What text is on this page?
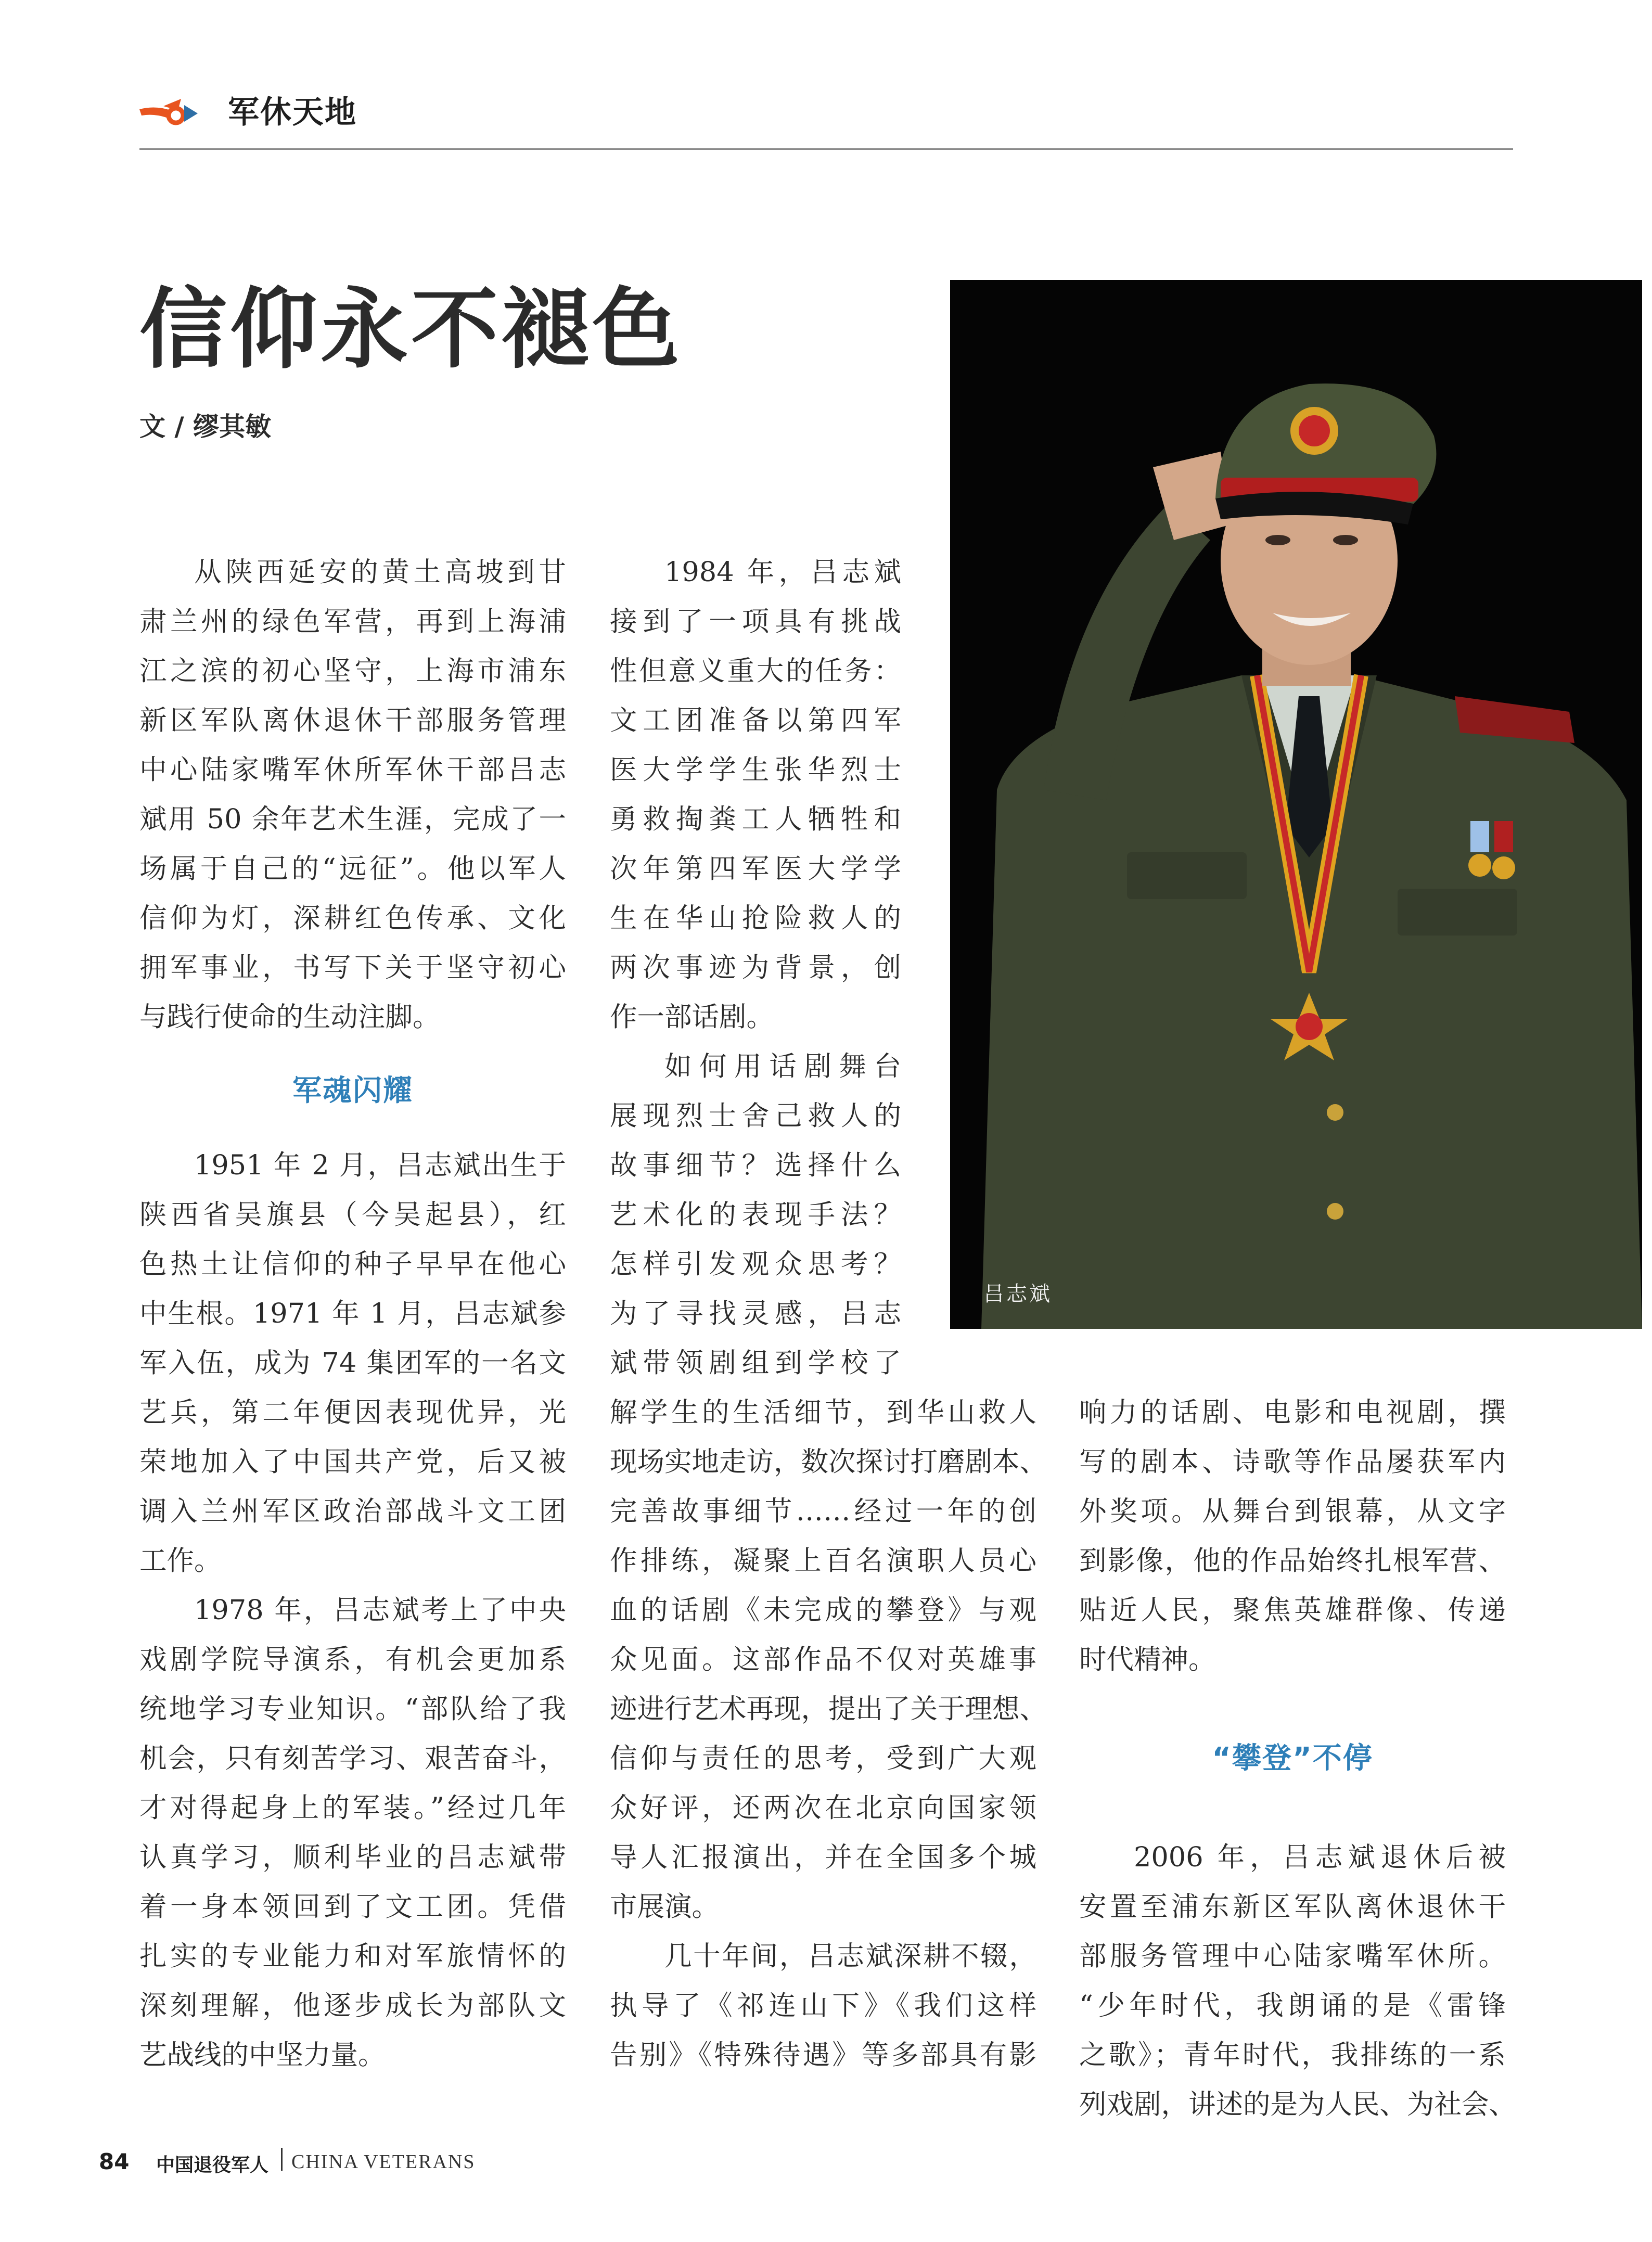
军休天地
信仰永不褪色
文 / 缪其敏
吕志斌
从陕西延安的黄土高坡到甘
肃兰州的绿色军营，再到上海浦
江之滨的初心坚守，上海市浦东
新区军队离休退休干部服务管理
中心陆家嘴军休所军休干部吕志
斌用 50 余年艺术生涯，完成了一
场属于自己的“远征”。他以军人
信仰为灯，深耕红色传承、文化
拥军事业，书写下关于坚守初心
与践行使命的生动注脚。
军魂闪耀
1951 年 2 月，吕志斌出生于
陕西省吴旗县（今吴起县），红
色热土让信仰的种子早早在他心
中生根。1971 年 1 月，吕志斌参
军入伍，成为 74 集团军的一名文
艺兵，第二年便因表现优异，光
荣地加入了中国共产党，后又被
调入兰州军区政治部战斗文工团
工作。
1978 年，吕志斌考上了中央
戏剧学院导演系，有机会更加系
统地学习专业知识。“部队给了我
机会，只有刻苦学习、艰苦奋斗，
才对得起身上的军装。”经过几年
认真学习，顺利毕业的吕志斌带
着一身本领回到了文工团。凭借
扎实的专业能力和对军旅情怀的
深刻理解，他逐步成长为部队文
艺战线的中坚力量。
1984 年，吕志斌
接到了一项具有挑战
性但意义重大的任务：
文工团准备以第四军
医大学学生张华烈士
勇救掏粪工人牺牲和
次年第四军医大学学
生在华山抢险救人的
两次事迹为背景，创
作一部话剧。
如何用话剧舞台
展现烈士舍己救人的
故事细节？选择什么
艺术化的表现手法？
怎样引发观众思考？
为了寻找灵感，吕志
斌带领剧组到学校了
解学生的生活细节，到华山救人
现场实地走访，数次探讨打磨剧本、
完善故事细节……经过一年的创
作排练，凝聚上百名演职人员心
血的话剧《未完成的攀登》与观
众见面。这部作品不仅对英雄事
迹进行艺术再现，提出了关于理想、
信仰与责任的思考，受到广大观
众好评，还两次在北京向国家领
导人汇报演出，并在全国多个城
市展演。
几十年间，吕志斌深耕不辍，
执导了《祁连山下》《我们这样
告别》《特殊待遇》等多部具有影
响力的话剧、电影和电视剧，撰
写的剧本、诗歌等作品屡获军内
外奖项。从舞台到银幕，从文字
到影像，他的作品始终扎根军营、
贴近人民，聚焦英雄群像、传递
时代精神。
“攀登”不停
2006 年，吕志斌退休后被
安置至浦东新区军队离休退休干
部服务管理中心陆家嘴军休所。
“少年时代，我朗诵的是《雷锋
之歌》；青年时代，我排练的一系
列戏剧，讲述的是为人民、为社会、
84 中国退役军人 CHINA VETERANS
